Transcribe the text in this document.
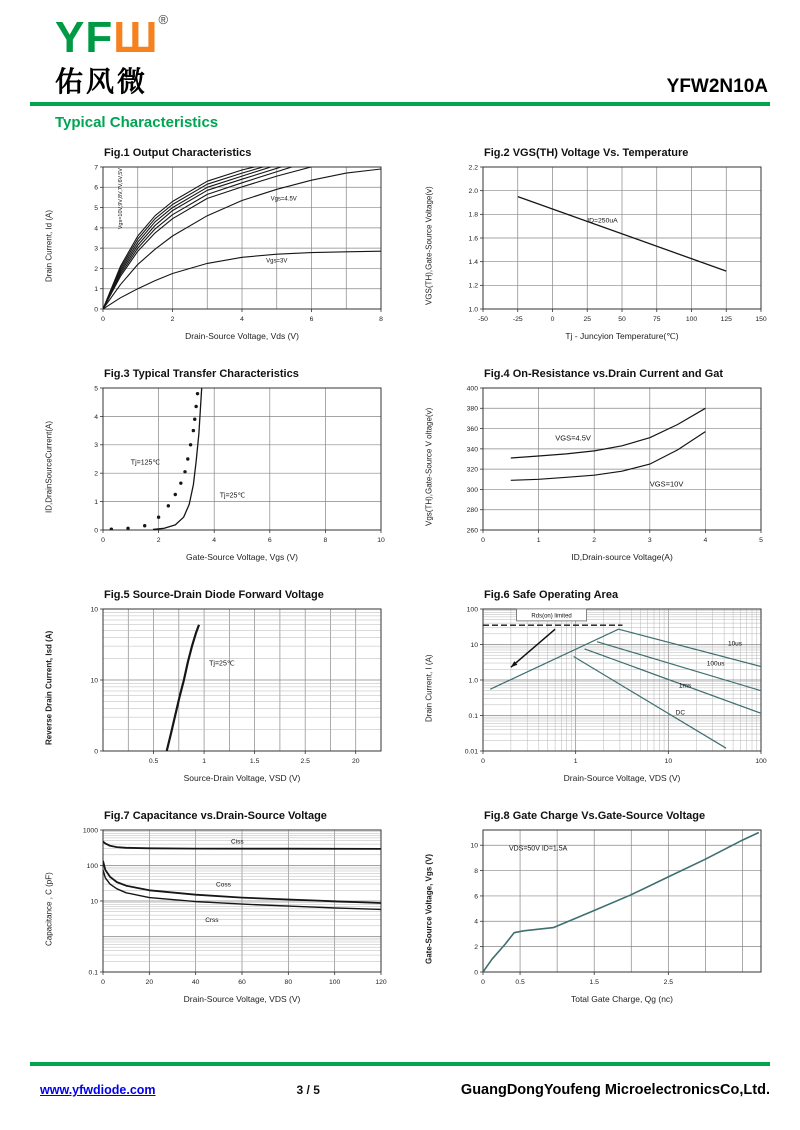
YFШ®
佑风微	YFW2N10A
Typical Characteristics
Fig.1 Output Characteristics
Drain Current, Id (A)
Vgs=10V,9V,8V,7V,6V,5V	Vgs=4.5V
Vgs=3V
0	2	4	6	8
0
1
2
3
4
5
6
7
Drain-Source Voltage, Vds (V)
Fig.2 VGS(TH) Voltage Vs. Temperature
VGS(TH),Gate-Source Voltage(v)	ID=250uA
-50	-25	0	25	50	75	100	125	150
1.0
1.2
1.4
1.6
1.8
2.0
2.2
Tj - Juncyion Temperature(℃)
Fig.3 Typical Transfer Characteristics
ID,DrainSourceCurrent(A)	Tj=125℃
Tj=25℃
0	2	4	6	8	10
0
1
2
3
4
5
Gate-Source Voltage, Vgs (V)
Fig.4 On-Resistance vs.Drain Current and Gat
Vgs(TH),Gate-Source V oltage(v)	VGS=4.5V
VGS=10V
0	1	2	3	4	5
260
280
300
320
340
360
380
400
ID,Drain-source Voltage(A)
Fig.5 Source-Drain Diode Forward Voltage
Reverse Drain Current, Isd (A)	Tj=25℃
0.5	1	1.5	2.5	20
10
10
0
Source-Drain Voltage, VSD (V)
Fig.6 Safe Operating Area
Drain Current, I (A)
Rds(on) limited
10us
100us
1ms
DC
0	1	10	100
0.01
0.1
1.0
10
100
Drain-Source Voltage, VDS (V)
Fig.7 Capacitance vs.Drain-Source Voltage
Capacitance , C (pF)
Ciss
Coss
Crss
0	20	40	60	80	100	120
1000
100
10
0.1
Drain-Source Voltage, VDS (V)
Fig.8 Gate Charge Vs.Gate-Source Voltage
Gate-Source Voltage, Vgs (V)
VDS=50V ID=1.5A
0	0.5	1.5	2.5
0
2
4
6
8
10
Total Gate Charge, Qg (nc)
www.yfwdiode.com	3 / 5	GuangDongYoufeng MicroelectronicsCo,Ltd.
